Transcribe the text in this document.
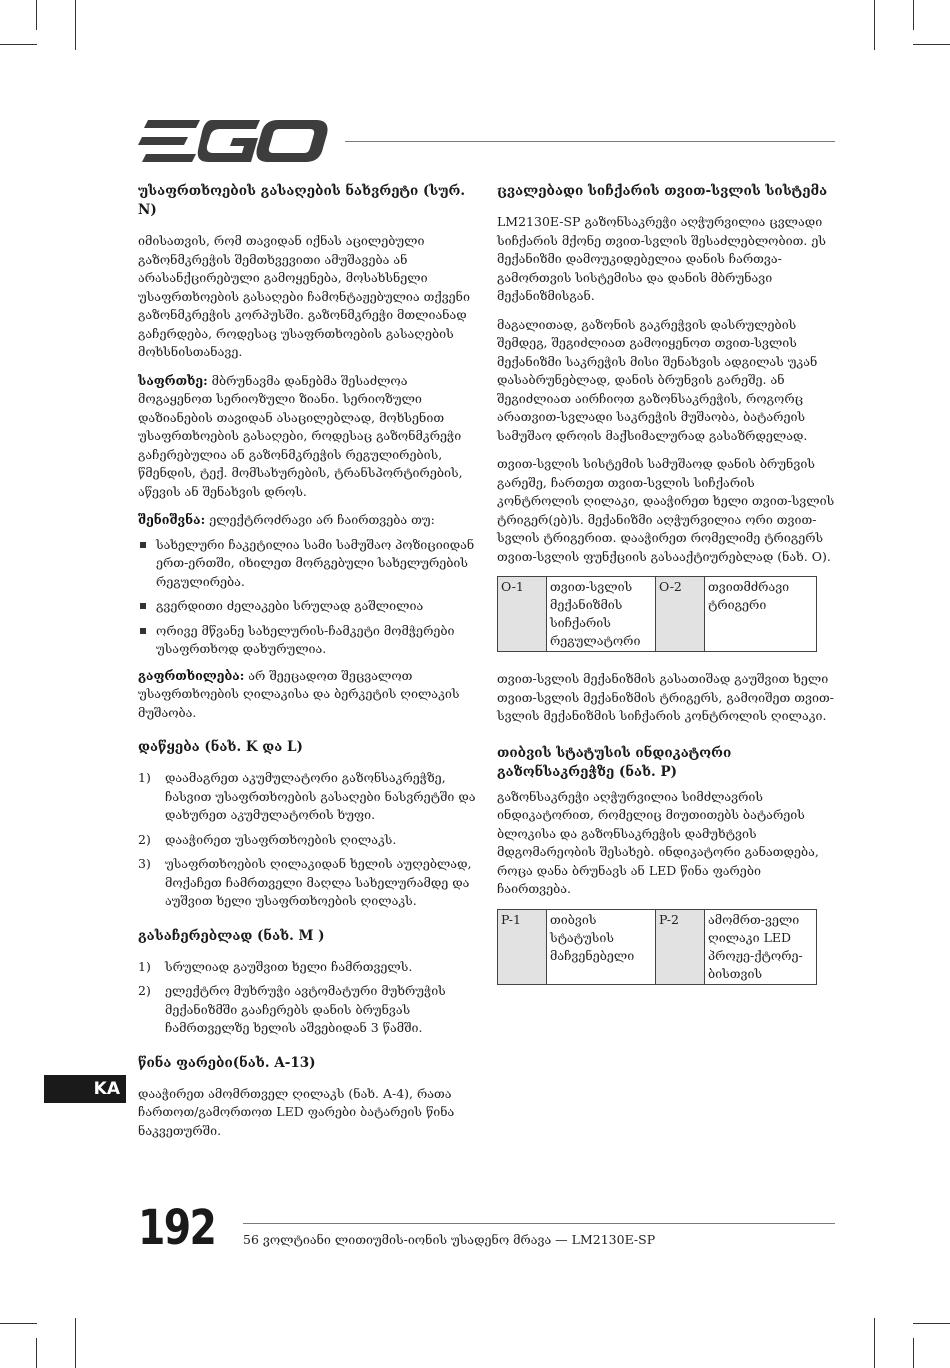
უსაფრთხოების გასაღების ნახვრეტი (სურ. N)

იმისათვის, რომ თავიდან იქნას აცილებული გაზონმკრეჭის შემთხვევითი ამუშავება ან არასანქცირებული გამოყენება, მოსახსნელი უსაფრთხოების გასაღები ჩამონტაჟებულია თქვენი გაზონმკრეჭის კორპუსში. გაზონმკრეჭი მთლიანად გაჩერდება, როდესაც უსაფრთხოების გასაღების მოხსნისთანავე.

საფრთხე: მბრუნავმა დანებმა შესაძლოა მოგაყენოთ სერიოზული ზიანი. სერიოზული დაზიანების თავიდან ასაცილებლად, მოხსენით უსაფრთხოების გასაღები, როდესაც გაზონმკრეჭი გაჩერებულია ან გაზონმკრეჭის რეგულირების, წმენდის, ტექ. მომსახურების, ტრანსპორტირების, აწევის ან შენახვის დროს.

შენიშვნა: ელექტროძრავი არ ჩაირთვება თუ:

სახელური ჩაკეტილია სამი სამუშაო პოზიციიდან ერთ-ერთში, იხილეთ მორგებული სახელურების რეგულირება.
გვერდითი ძელაკები სრულად გაშლილია
ორივე მწვანე სახელურის-ჩამკეტი მომჭერები უსაფრთხოდ დახურულია.

გაფრთხილება: არ შეეცადოთ შეცვალოთ უსაფრთხოების ღილაკისა და ბერკეტის ღილაკის მუშაობა.

დაწყება (ნახ. K და L)
1) დაამაგრეთ აკუმულატორი გაზონსაკრეჭზე, ჩასვით უსაფრთხოების გასაღები ნასვრეტში და დახურეთ აკუმულატორის ხუფი.
2) დააჭირეთ უსაფრთხოების ღილაკს.
3) უსაფრთხოების ღილაკიდან ხელის აუღებლად, მოქაჩეთ ჩამრთველი მაღლა სახელურამდე და აუშვით ხელი უსაფრთხოების ღილაკს.
გასაჩერებლად (ნახ. M )
1) სრულიად გაუშვით ხელი ჩამრთველს.
2) ელექტრო მუხრუჭი ავტომატური მუხრუჭის მექანიზმში გააჩერებს დანის ბრუნვას ჩამრთველზე ხელის აშვებიდან 3 წამში.
წინა ფარები(ნახ. A-13)

დააჭირეთ ამომრთველ ღილაკს (ნახ. A-4), რათა ჩართოთ/გამორთოთ LED ფარები ბატარეის წინა ნაკვეთურში.

ცვალებადი სიჩქარის თვით-სვლის სისტემა

LM2130E-SP გაზონსაკრეჭი აღჭურვილია ცვლადი სიჩქარის მქონე თვით-სვლის შესაძლებლობით. ეს მექანიზმი დამოუკიდებელია დანის ჩართვა-გამორთვის სისტემისა და დანის მბრუნავი მექანიზმისგან.

მაგალითად, გაზონის გაკრეჭვის დასრულების შემდეგ, შეგიძლიათ გამოიყენოთ თვით-სვლის მექანიზმი საკრეჭის მისი შენახვის ადგილას უკან დასაბრუნებლად, დანის ბრუნვის გარეშე. ან შეგიძლიათ აირჩიოთ გაზონსაკრეჭის, როგორც არათვით-სვლადი საკრეჭის მუშაობა, ბატარეის სამუშაო დროის მაქსიმალურად გასაზრდელად.

თვით-სვლის სისტემის სამუშაოდ დანის ბრუნვის გარეშე, ჩართეთ თვით-სვლის სიჩქარის კონტროლის ღილაკი, დააჭირეთ ხელი თვით-სვლის ტრიგერ(ებ)ს. მექანიზმი აღჭურვილია ორი თვით-სვლის ტრიგერით. დააჭირეთ რომელიმე ტრიგერს თვით-სვლის ფუნქციის გასააქტიურებლად (ნახ. O).

O-1	თვით-სვლის მექანიზმის სიჩქარის რეგულატორი	O-2	თვითმძრავი ტრიგერი

თვით-სვლის მექანიზმის გასათიშად გაუშვით ხელი თვით-სვლის მექანიზმის ტრიგერს, გამოიშეთ თვით-სვლის მექანიზმის სიჩქარის კონტროლის ღილაკი.

თიბვის სტატუსის ინდიკატორი გაზონსაკრეჭზე (ნახ. P)

გაზონსაკრეჭი აღჭურვილია სიმძლავრის ინდიკატორით, რომელიც მიუთითებს ბატარეის ბლოკისა და გაზონსაკრეჭის დამუხტვის მდგომარეობის შესახებ. ინდიკატორი განათდება, როცა დანა ბრუნავს ან LED წინა ფარები ჩაირთვება.

P-1	თიბვის სტატუსის მაჩვენებელი	P-2	ამომრთ-ველი ღილაკი LED პროჟე-ქტორე-ბისთვის
KA
192 56 ვოლტიანი ლითიუმის-იონის უსადენო მრავა — LM2130E-SP
